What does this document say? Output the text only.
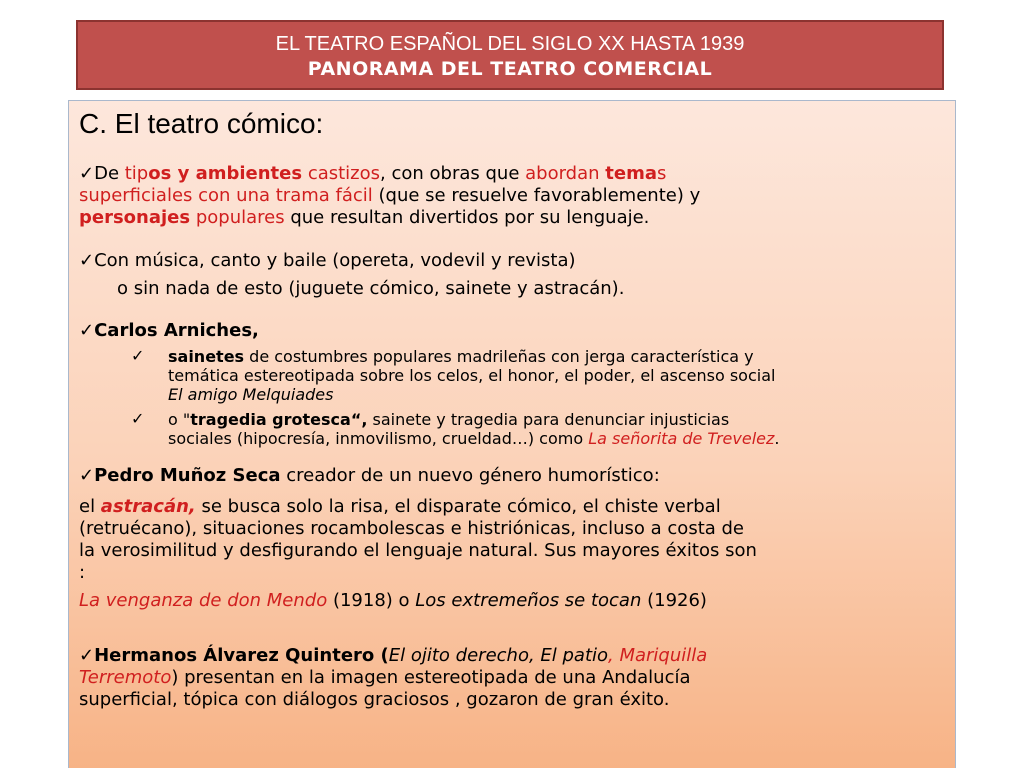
EL TEATRO ESPAÑOL DEL SIGLO XX HASTA 1939
PANORAMA DEL TEATRO COMERCIAL
C. El teatro cómico:
✓De tipos y ambientes castizos, con obras que abordan temas
superficiales con una trama fácil (que se resuelve favorablemente) y
personajes populares que resultan divertidos por su lenguaje.
✓Con música, canto y baile (opereta, vodevil y revista)
o sin nada de esto (juguete cómico, sainete y astracán).
✓Carlos Arniches,
✓ sainetes de costumbres populares madrileñas con jerga característica y
temática estereotipada sobre los celos, el honor, el poder, el ascenso social
El amigo Melquiades
✓ o "tragedia grotesca“, sainete y tragedia para denunciar injusticias
sociales (hipocresía, inmovilismo, crueldad…) como La señorita de Trevelez.
✓Pedro Muñoz Seca creador de un nuevo género humorístico:
el astracán, se busca solo la risa, el disparate cómico, el chiste verbal
(retruécano), situaciones rocambolescas e histriónicas, incluso a costa de
la verosimilitud y desfigurando el lenguaje natural. Sus mayores éxitos son
:
La venganza de don Mendo (1918) o Los extremeños se tocan (1926)
✓Hermanos Álvarez Quintero (El ojito derecho, El patio, Mariquilla
Terremoto) presentan en la imagen estereotipada de una Andalucía
superficial, tópica con diálogos graciosos , gozaron de gran éxito.
